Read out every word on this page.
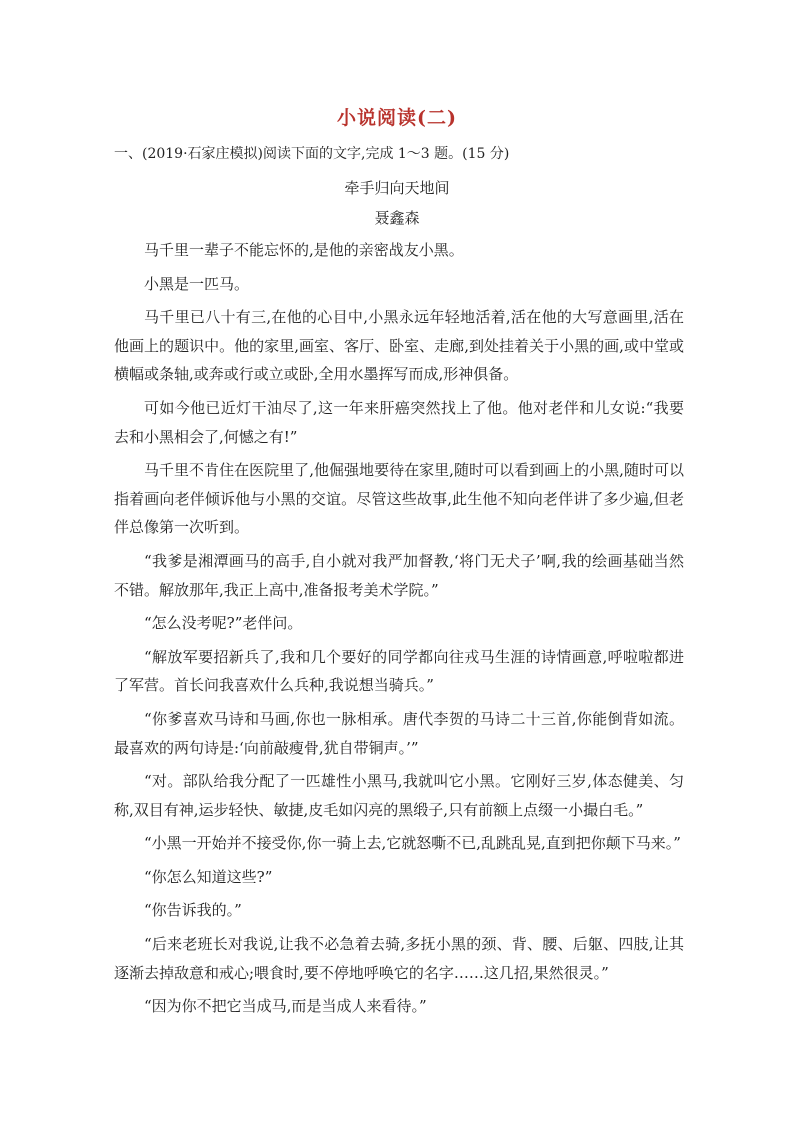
小说阅读(二)
一、(2019·石家庄模拟)阅读下面的文字,完成 1～3 题。(15 分)
牵手归向天地间
聂鑫森

马千里一辈子不能忘怀的,是他的亲密战友小黑。

小黑是一匹马。

马千里已八十有三,在他的心目中,小黑永远年轻地活着,活在他的大写意画里,活在他画上的题识中。他的家里,画室、客厅、卧室、走廊,到处挂着关于小黑的画,或中堂或横幅或条轴,或奔或行或立或卧,全用水墨挥写而成,形神俱备。

可如今他已近灯干油尽了,这一年来肝癌突然找上了他。他对老伴和儿女说:“我要去和小黑相会了,何憾之有!”

马千里不肯住在医院里了,他倔强地要待在家里,随时可以看到画上的小黑,随时可以指着画向老伴倾诉他与小黑的交谊。尽管这些故事,此生他不知向老伴讲了多少遍,但老伴总像第一次听到。

“我爹是湘潭画马的高手,自小就对我严加督教,‘将门无犬子’啊,我的绘画基础当然不错。解放那年,我正上高中,准备报考美术学院。”

“怎么没考呢?”老伴问。

“解放军要招新兵了,我和几个要好的同学都向往戎马生涯的诗情画意,呼啦啦都进了军营。首长问我喜欢什么兵种,我说想当骑兵。”

“你爹喜欢马诗和马画,你也一脉相承。唐代李贺的马诗二十三首,你能倒背如流。最喜欢的两句诗是:‘向前敲瘦骨,犹自带铜声。’”

“对。部队给我分配了一匹雄性小黑马,我就叫它小黑。它刚好三岁,体态健美、匀称,双目有神,运步轻快、敏捷,皮毛如闪亮的黑缎子,只有前额上点缀一小撮白毛。”

“小黑一开始并不接受你,你一骑上去,它就怒嘶不已,乱跳乱晃,直到把你颠下马来。”

“你怎么知道这些?”

“你告诉我的。”

“后来老班长对我说,让我不必急着去骑,多抚小黑的颈、背、腰、后躯、四肢,让其逐渐去掉敌意和戒心;喂食时,要不停地呼唤它的名字……这几招,果然很灵。”

“因为你不把它当成马,而是当成人来看待。”
